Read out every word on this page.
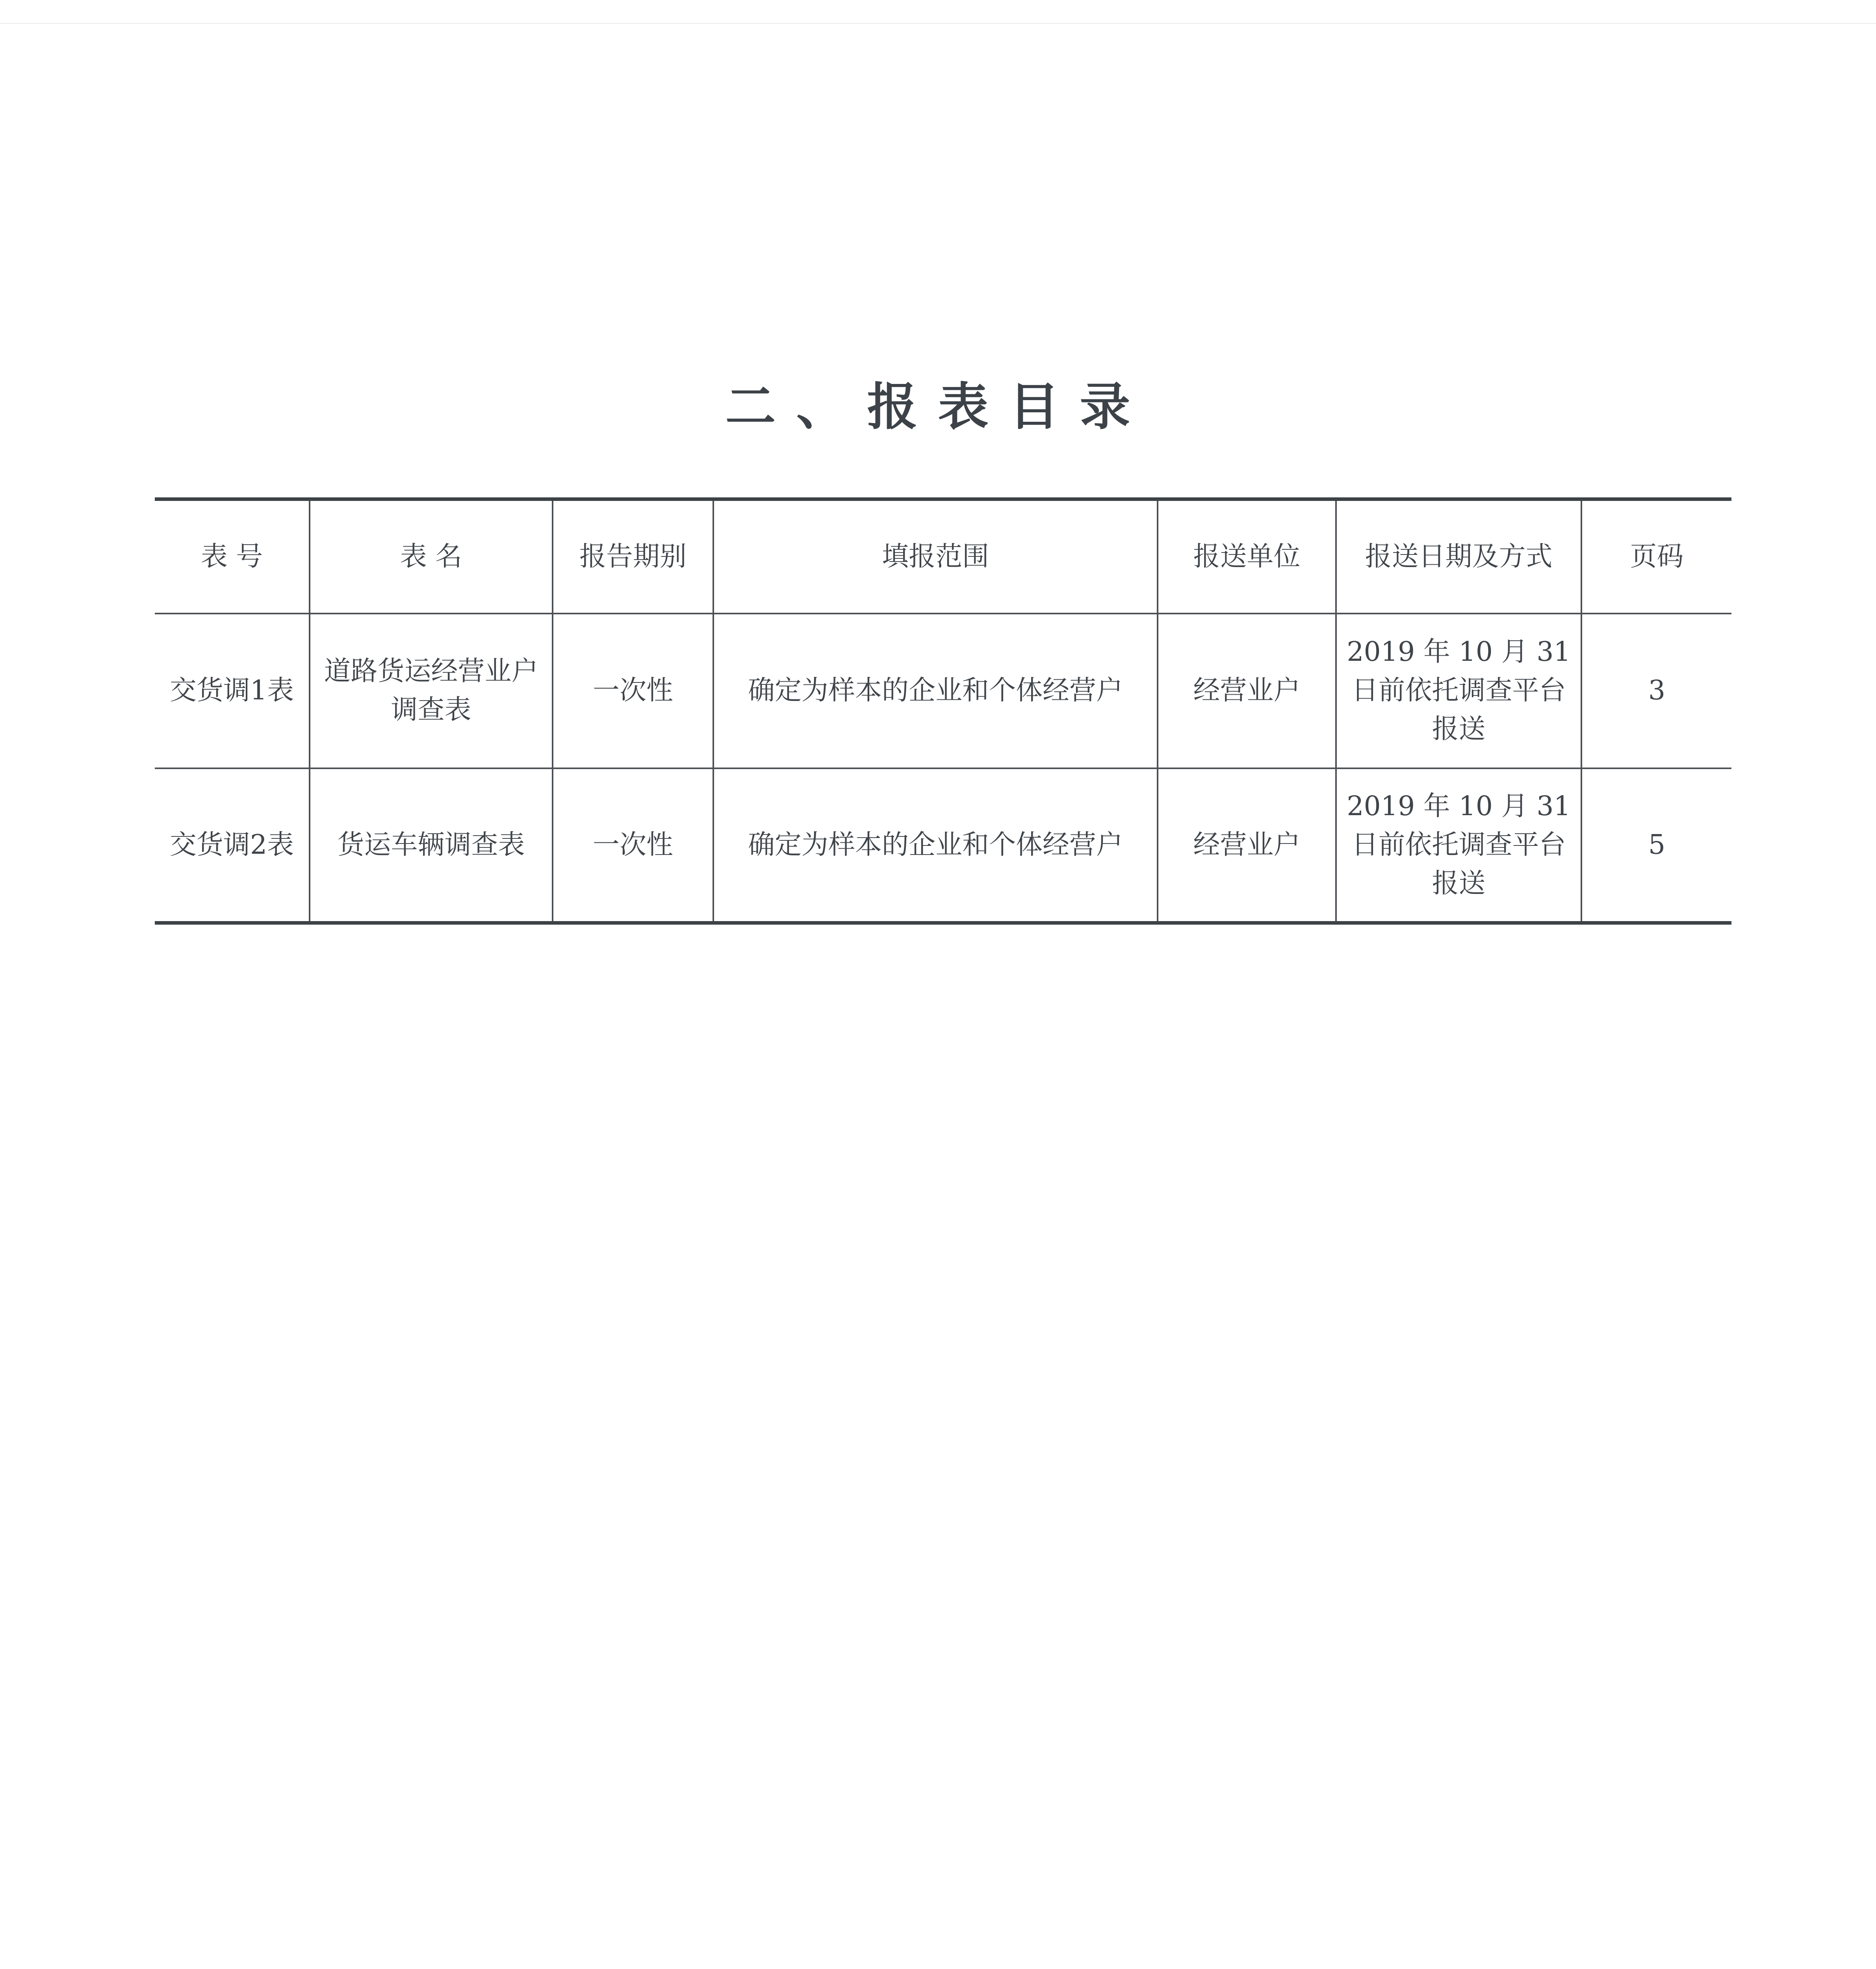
二、报表目录
表 号	表 名	报告期别	填报范围	报送单位	报送日期及方式	页码
交货调1表	道路货运经营业户调查表	一次性	确定为样本的企业和个体经营户	经营业户	2019 年 10 月 31 日前依托调查平台报送	3
交货调2表	货运车辆调查表	一次性	确定为样本的企业和个体经营户	经营业户	2019 年 10 月 31 日前依托调查平台报送	5
